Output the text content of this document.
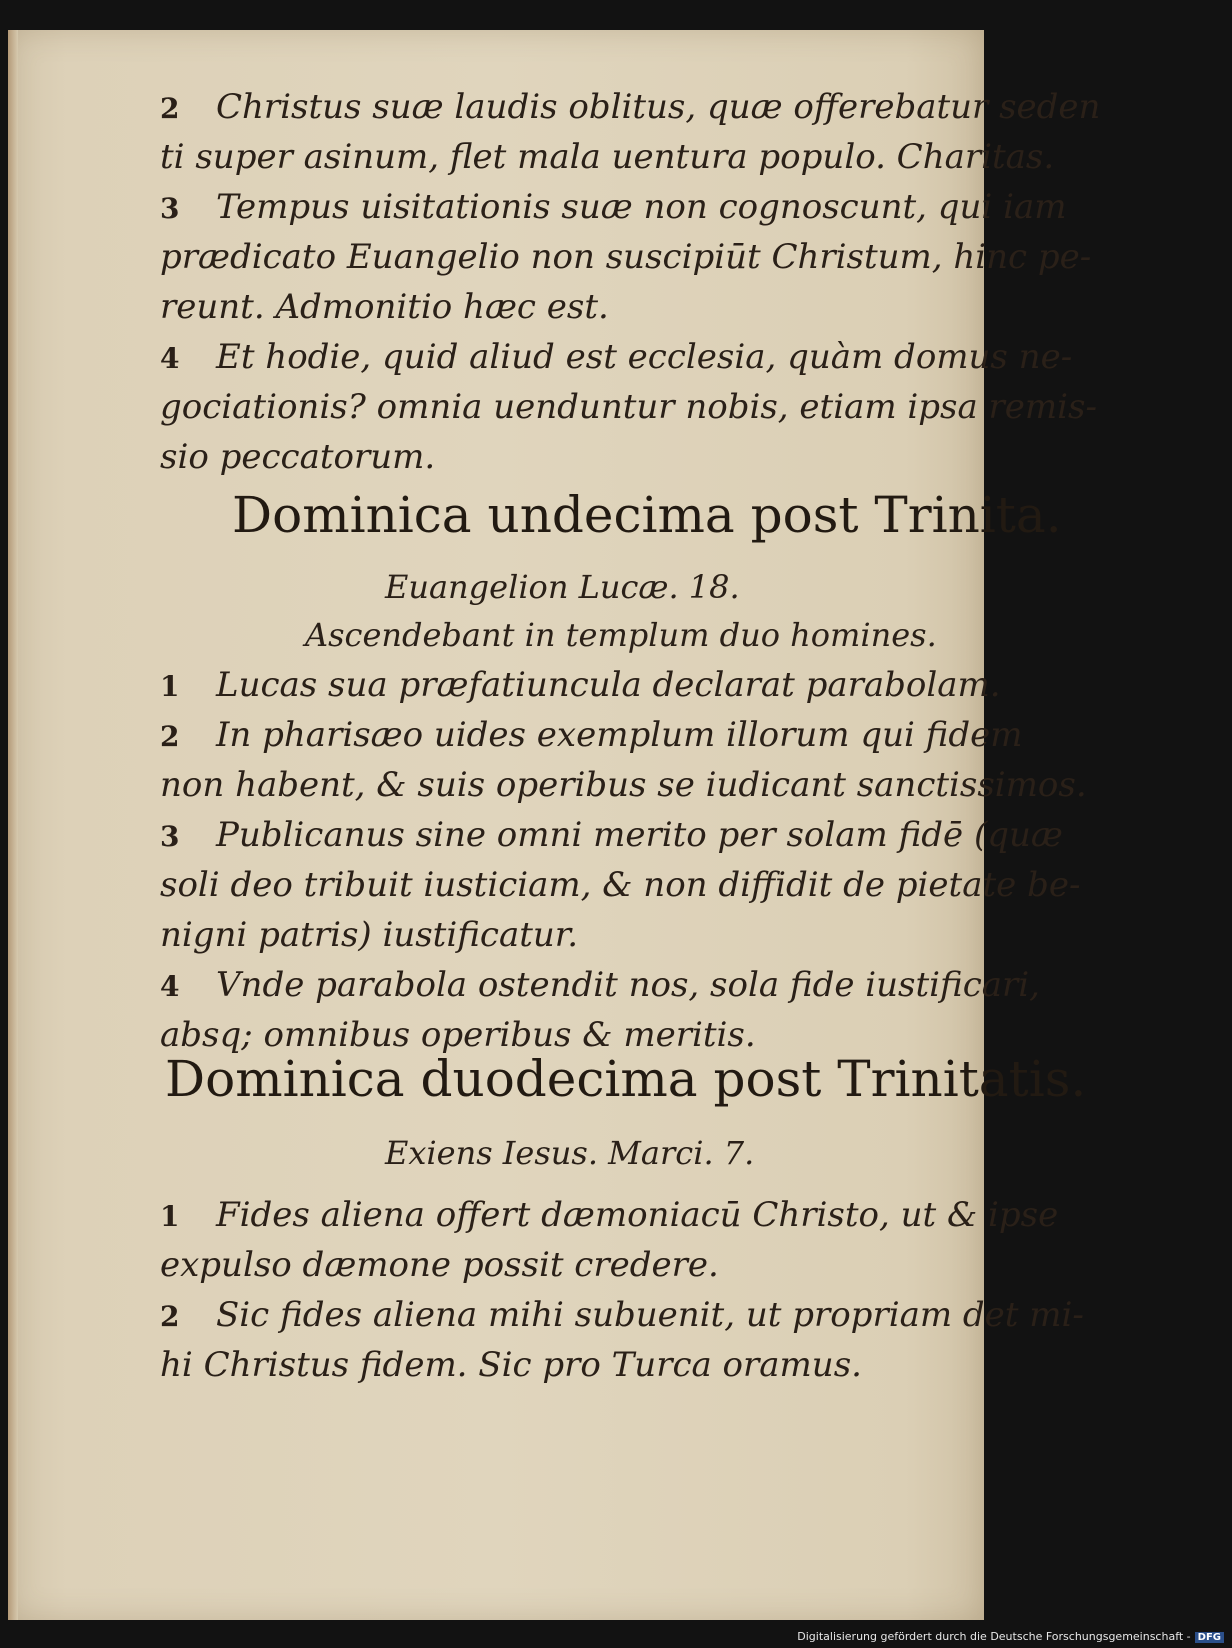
2 Christus suæ laudis oblitus, quæ offerebatur seden
ti super asinum, flet mala uentura populo. Charitas.
3 Tempus uisitationis suæ non cognoscunt, qui iam
prædicato Euangelio non suscipiūt Christum, hinc pe-
reunt. Admonitio hæc est.
4 Et hodie, quid aliud est ecclesia, quàm domus ne-
gociationis? omnia uenduntur nobis, etiam ipsa remis-
sio peccatorum.
Dominica undecima post Trinita.
Euangelion Lucæ. 18.
Ascendebant in templum duo homines.
1 Lucas sua præfatiuncula declarat parabolam.
2 In pharisæo uides exemplum illorum qui fidem
non habent, & suis operibus se iudicant sanctissimos.
3 Publicanus sine omni merito per solam fidē (quæ
soli deo tribuit iusticiam, & non diffidit de pietate be-
nigni patris) iustificatur.
4 Vnde parabola ostendit nos, sola fide iustificari,
absq; omnibus operibus & meritis.
Dominica duodecima post Trinitatis.
Exiens Iesus. Marci. 7.
1 Fides aliena offert dæmoniacū Christo, ut & ipse
expulso dæmone possit credere.
2 Sic fides aliena mihi subuenit, ut propriam det mi-
hi Christus fidem. Sic pro Turca oramus.
Digitalisierung gefördert durch die Deutsche Forschungsgemeinschaft - DFG
